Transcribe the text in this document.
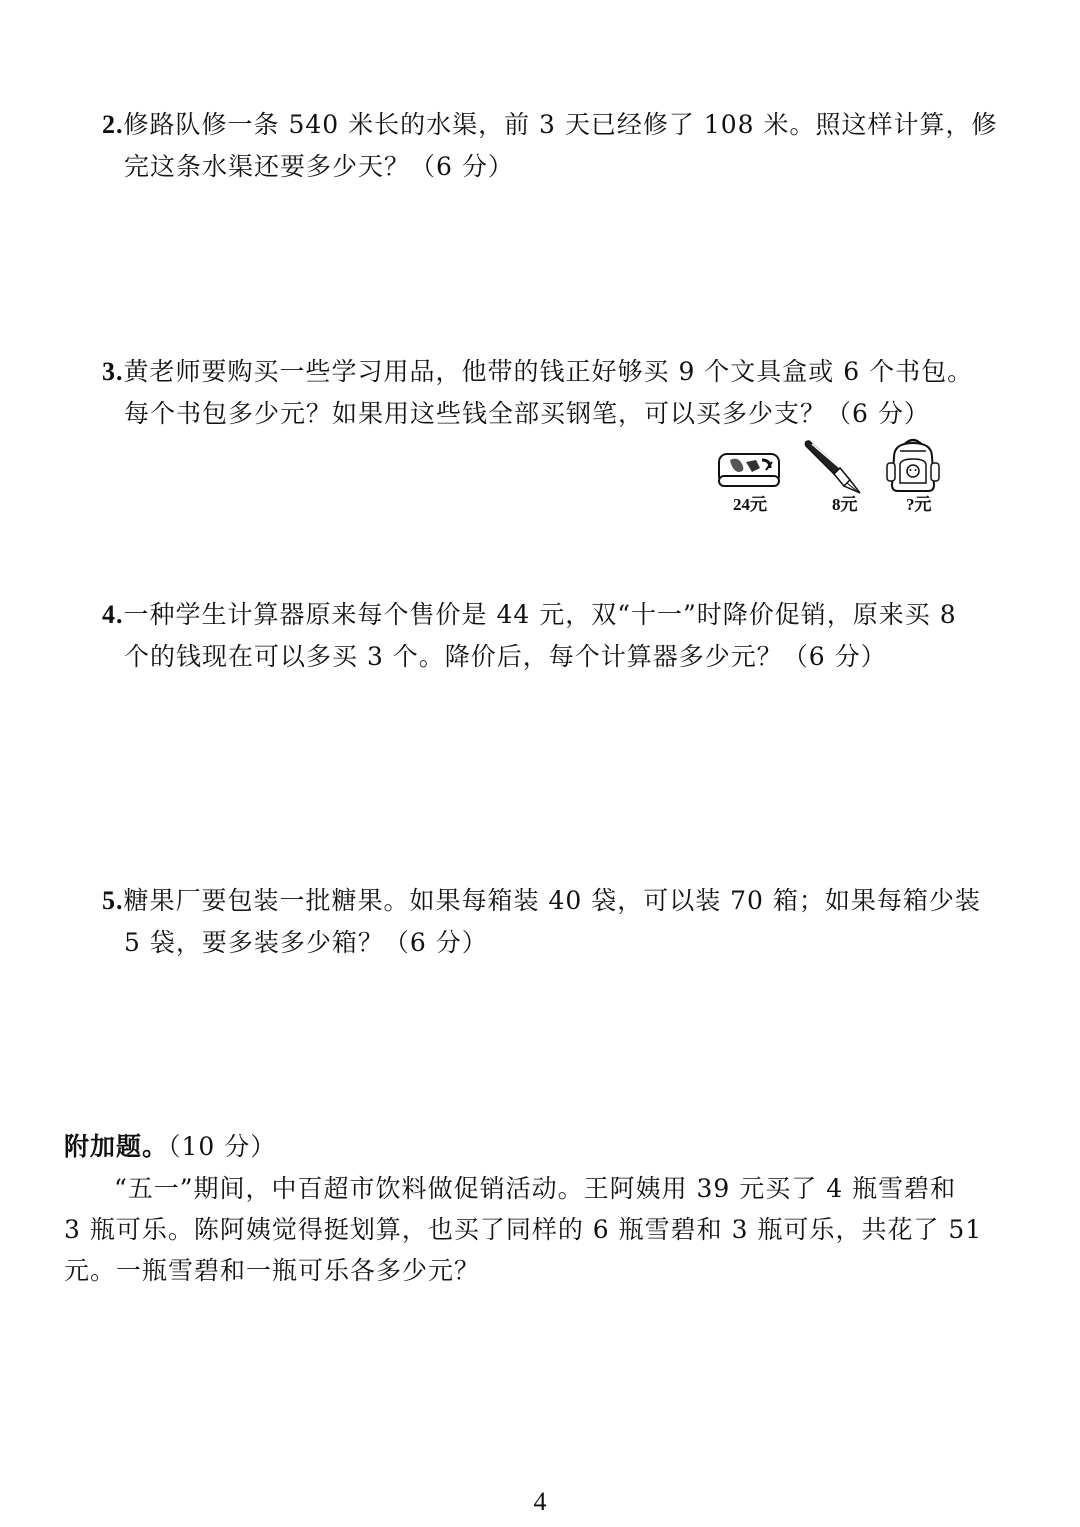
2.修路队修一条 540 米长的水渠，前 3 天已经修了 108 米。照这样计算，修
完这条水渠还要多少天？（6 分）
3.黄老师要购买一些学习用品，他带的钱正好够买 9 个文具盒或 6 个书包。
每个书包多少元？如果用这些钱全部买钢笔，可以买多少支？（6 分）
24元	8元	?元
4.一种学生计算器原来每个售价是 44 元，双“十一”时降价促销，原来买 8
个的钱现在可以多买 3 个。降价后，每个计算器多少元？（6 分）
5.糖果厂要包装一批糖果。如果每箱装 40 袋，可以装 70 箱；如果每箱少装
5 袋，要多装多少箱？（6 分）
附加题。（10 分）
“五一”期间，中百超市饮料做促销活动。王阿姨用 39 元买了 4 瓶雪碧和
3 瓶可乐。陈阿姨觉得挺划算，也买了同样的 6 瓶雪碧和 3 瓶可乐，共花了 51
元。一瓶雪碧和一瓶可乐各多少元？
4
